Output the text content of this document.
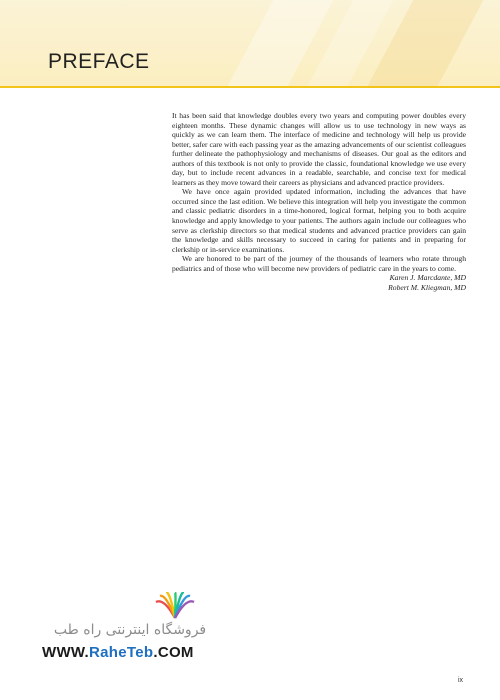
PREFACE

It has been said that knowledge doubles every two years and computing power doubles every eighteen months. These dynamic changes will allow us to use technology in new ways as quickly as we can learn them. The interface of medicine and technology will help us provide better, safer care with each passing year as the amazing advancements of our scientist colleagues further delineate the pathophysiology and mechanisms of diseases. Our goal as the editors and authors of this textbook is not only to provide the classic, foundational knowledge we use every day, but to include recent advances in a readable, searchable, and concise text for medical learners as they move toward their careers as physicians and advanced practice providers.

We have once again provided updated information, including the advances that have occurred since the last edition. We believe this integration will help you investigate the common and classic pediatric disorders in a time-honored, logical format, helping you to both acquire knowledge and apply knowledge to your patients. The authors again include our colleagues who serve as clerkship directors so that medical students and advanced practice providers can gain the knowledge and skills necessary to succeed in caring for patients and in preparing for clerkship or in-service examinations.

We are honored to be part of the journey of the thousands of learners who rotate through pediatrics and of those who will become new providers of pediatric care in the years to come.

Karen J. Marcdante, MD
Robert M. Kliegman, MD
فروشگاه اینترنتی راه طب
WWW.RaheTeb.COM
ix
